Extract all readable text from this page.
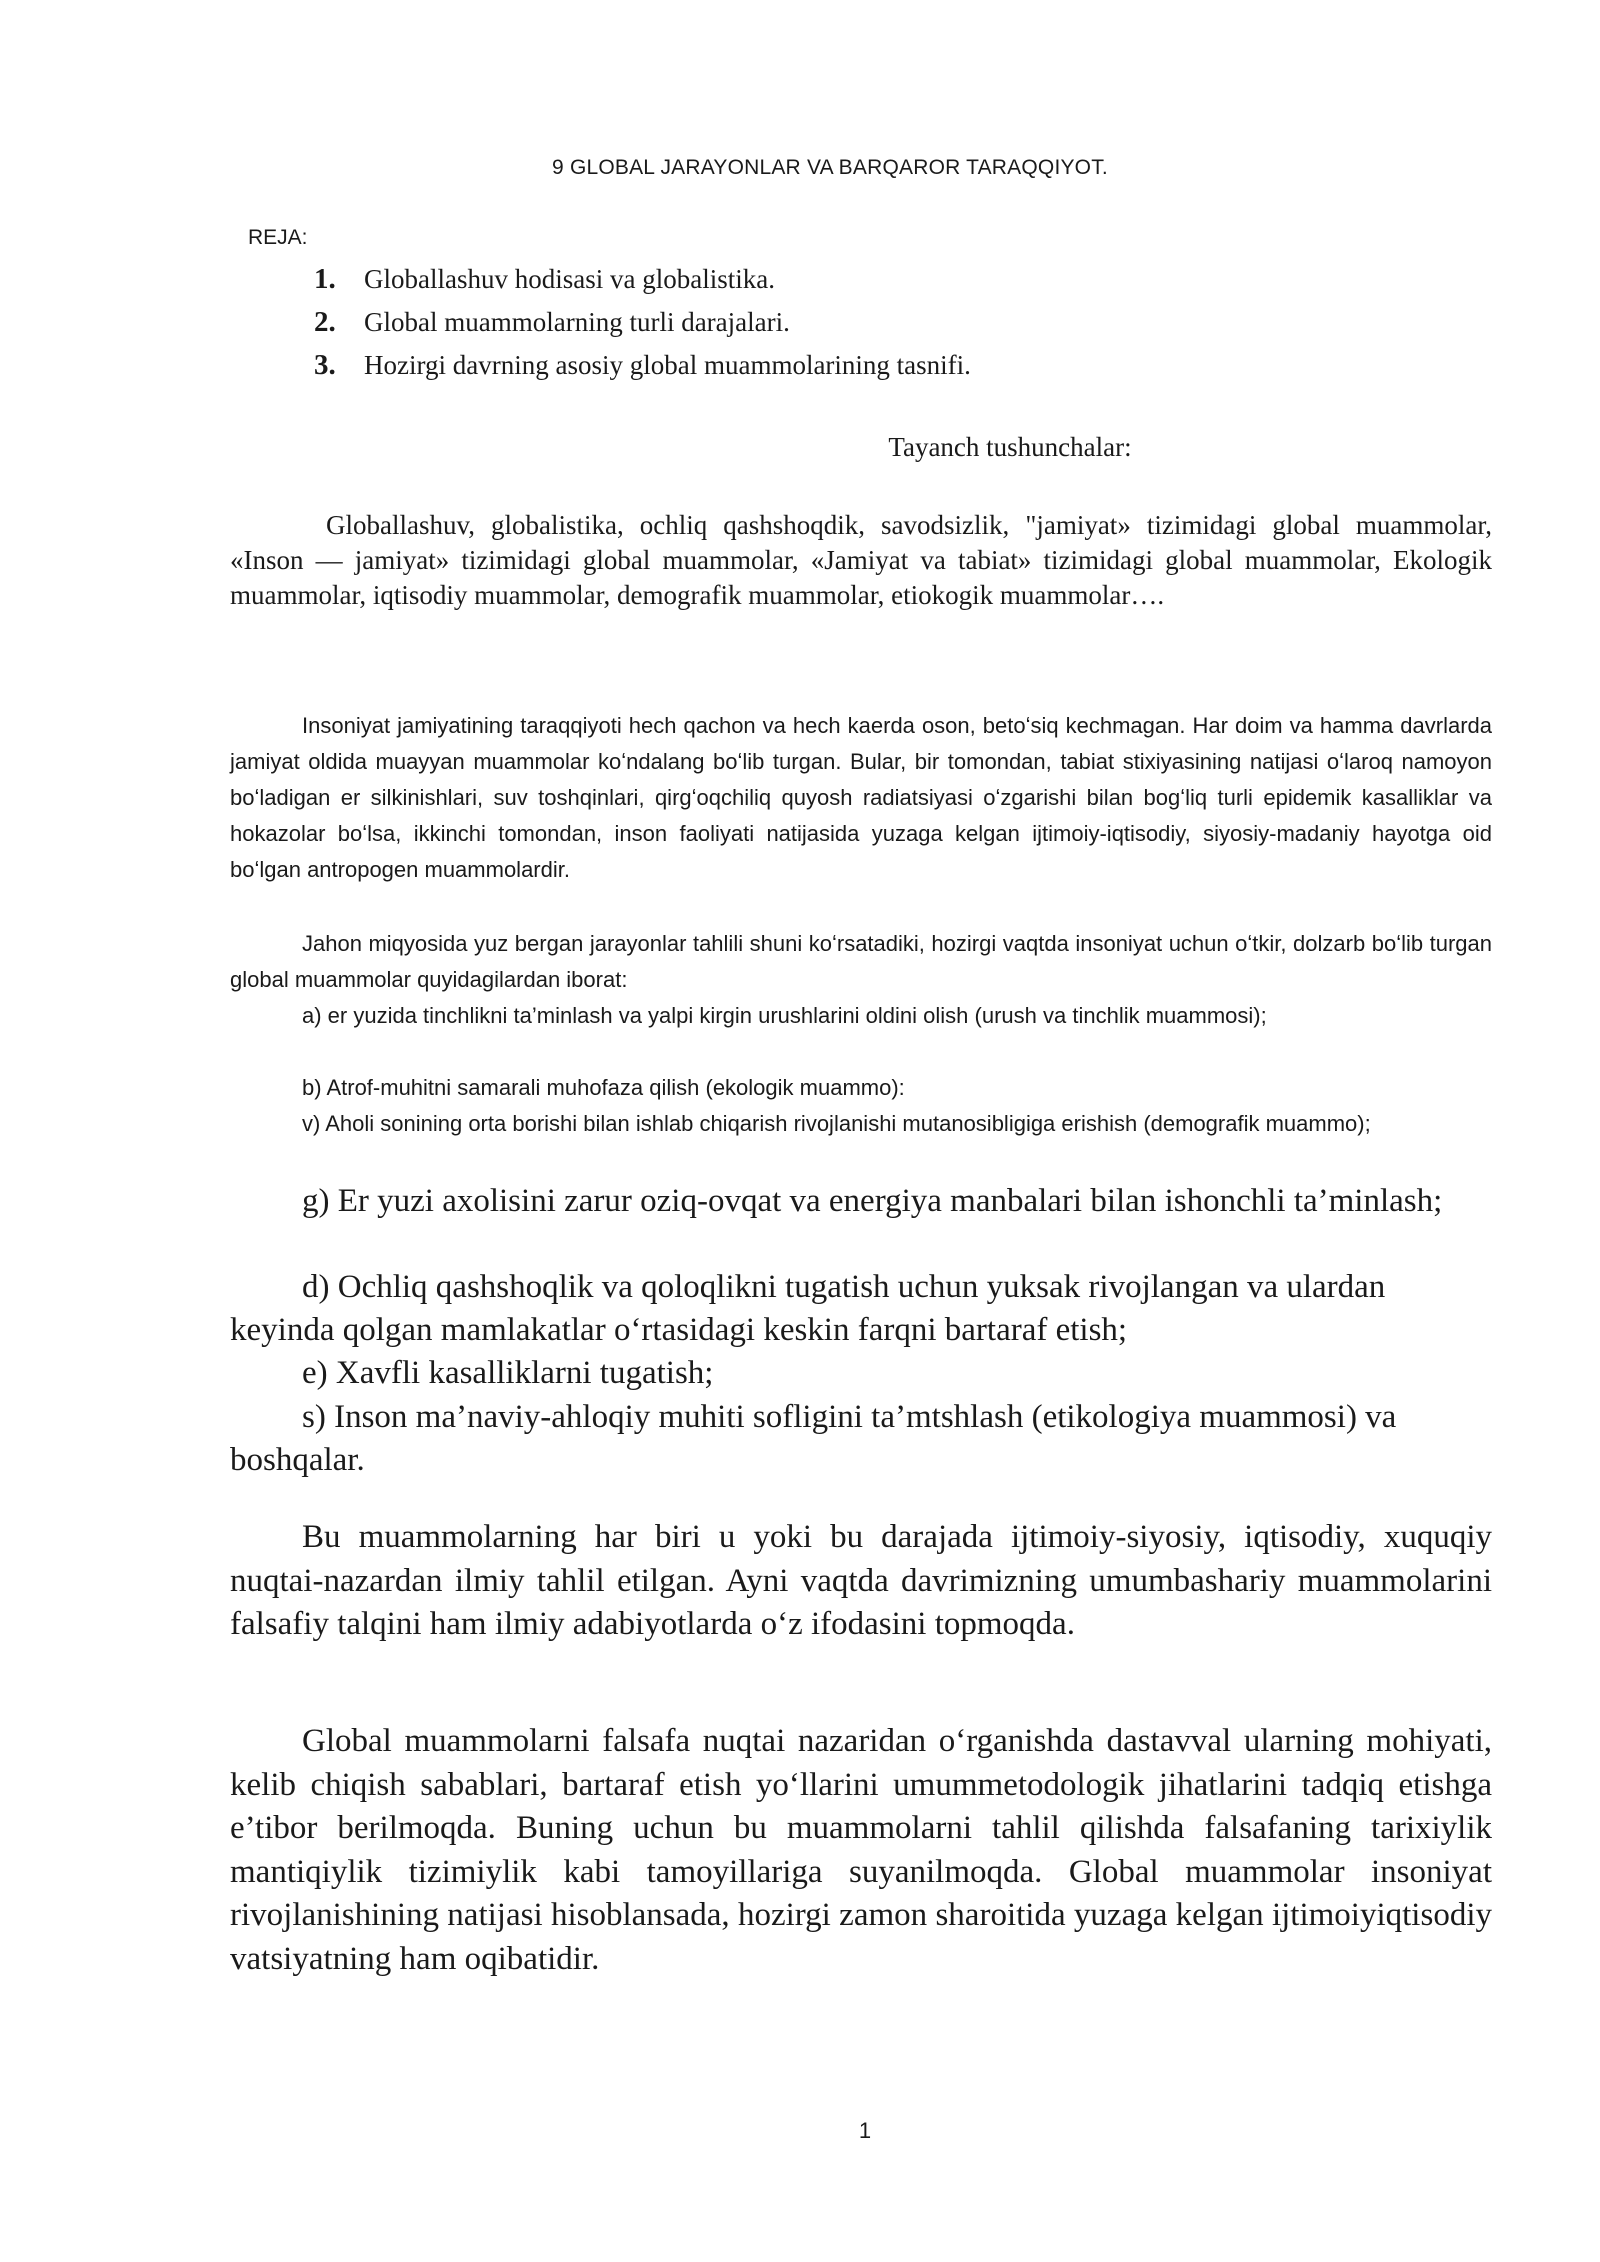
9 GLOBAL JARAYONLAR VA BARQAROR TARAQQIYOT.
REJA:
1. Globallashuv hodisasi va globalistika.
2. Global muammolarning turli darajalari.
3. Hozirgi davrning asosiy global muammolarining tasnifi.
Tayanch tushunchalar:

Globallashuv, globalistika, ochliq qashshoqdik, savodsizlik, "jamiyat» tizimidagi global muammolar, «Inson — jamiyat» tizimidagi global muammolar, «Jamiyat va tabiat» tizimidagi global muammolar, Ekologik muammolar, iqtisodiy muammolar, demografik muammolar, etiokogik muammolar….

Insoniyat jamiyatining taraqqiyoti hech qachon va hech kaerda oson, betoʻsiq kechmagan. Har doim va hamma davrlarda jamiyat oldida muayyan muammolar koʻndalang boʻlib turgan. Bular, bir tomondan, tabiat stixiyasining natijasi oʻlaroq namoyon boʻladigan er silkinishlari, suv toshqinlari, qirgʻoqchiliq quyosh radiatsiyasi oʻzgarishi bilan bogʻliq turli epidemik kasalliklar va hokazolar boʻlsa, ikkinchi tomondan, inson faoliyati natijasida yuzaga kelgan ijtimoiy-iqtisodiy, siyosiy-madaniy hayotga oid boʻlgan antropogen muammolardir.

Jahon miqyosida yuz bergan jarayonlar tahlili shuni koʻrsatadiki, hozirgi vaqtda insoniyat uchun oʻtkir, dolzarb boʻlib turgan global muammolar quyidagilardan iborat:

a) er yuzida tinchlikni ta’minlash va yalpi kirgin urushlarini oldini olish (urush va tinchlik muammosi);

b) Atrof-muhitni samarali muhofaza qilish (ekologik muammo):

v) Aholi sonining orta borishi bilan ishlab chiqarish rivojlanishi mutanosibligiga erishish (demografik muammo);

g) Er yuzi axolisini zarur oziq-ovqat va energiya manbalari bilan ishonchli ta’minlash;

d) Ochliq qashshoqlik va qoloqlikni tugatish uchun yuksak rivojlangan va ulardan keyinda qolgan mamlakatlar oʻrtasidagi keskin farqni bartaraf etish;

e) Xavfli kasalliklarni tugatish;

s) Inson ma’naviy-ahloqiy muhiti sofligini ta’mtshlash (etikologiya muammosi) va boshqalar.

Bu muammolarning har biri u yoki bu darajada ijtimoiy-siyosiy, iqtisodiy, xuquqiy nuqtai-nazardan ilmiy tahlil etilgan. Ayni vaqtda davrimizning umumbashariy muammolarini falsafiy talqini ham ilmiy adabiyotlarda oʻz ifodasini topmoqda.

Global muammolarni falsafa nuqtai nazaridan oʻrganishda dastavval ularning mohiyati, kelib chiqish sabablari, bartaraf etish yoʻllarini umummetodologik jihatlarini tadqiq etishga e’tibor berilmoqda. Buning uchun bu muammolarni tahlil qilishda falsafaning tarixiylik mantiqiylik tizimiylik kabi tamoyillariga suyanilmoqda. Global muammolar insoniyat rivojlanishining natijasi hisoblansada, hozirgi zamon sharoitida yuzaga kelgan ijtimoiyiqtisodiy vatsiyatning ham oqibatidir.

1
